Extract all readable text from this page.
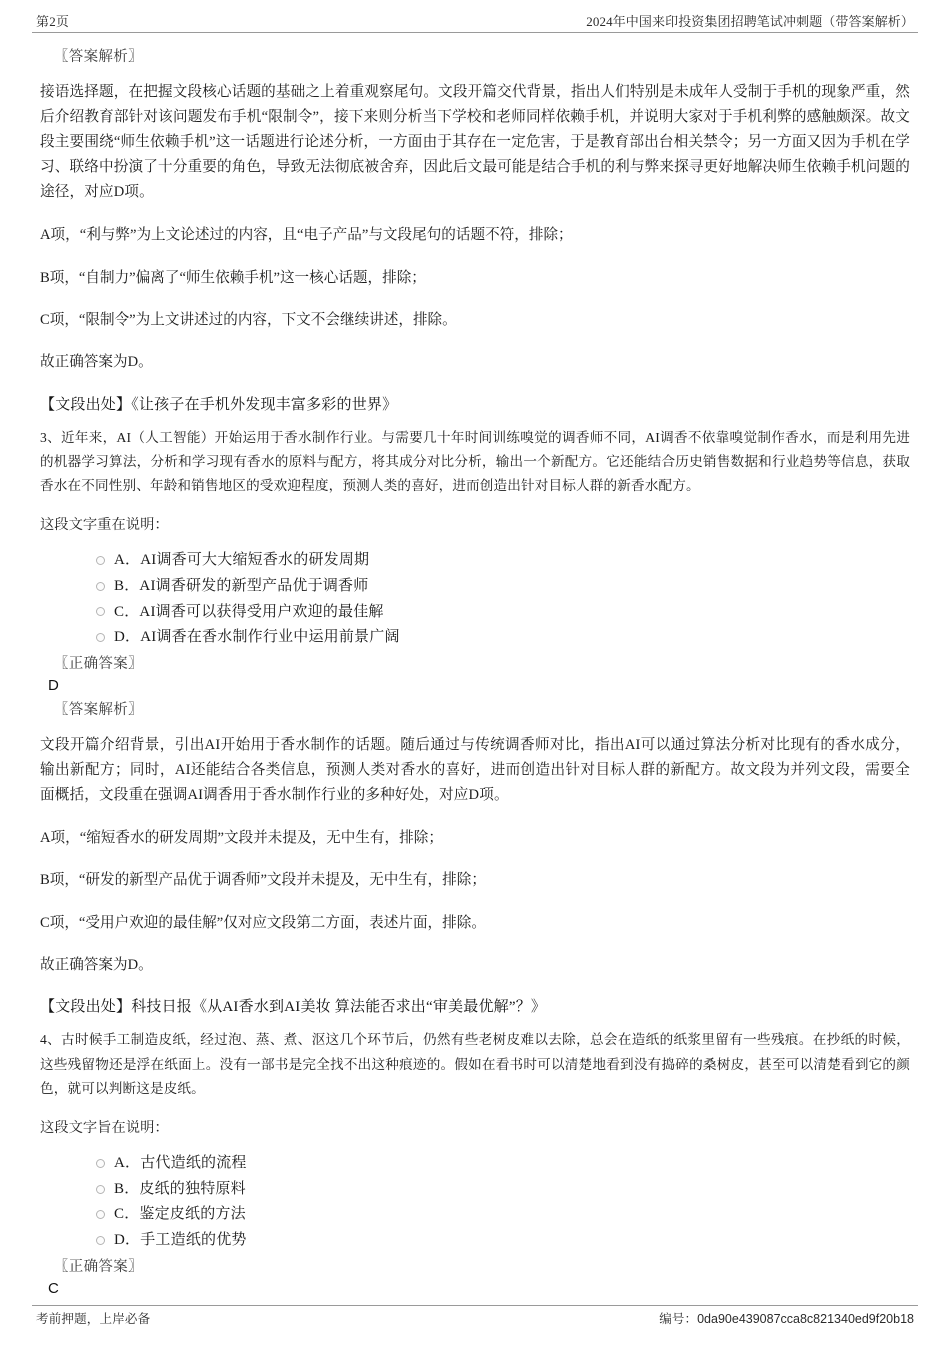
第2页	2024年中国来印投资集团招聘笔试冲刺题（带答案解析）
〖答案解析〗

接语选择题，在把握文段核心话题的基础之上着重观察尾句。文段开篇交代背景，指出人们特别是未成年人受制于手机的现象严重，然后介绍教育部针对该问题发布手机“限制令”，接下来则分析当下学校和老师同样依赖手机，并说明大家对于手机利弊的感触颇深。故文段主要围绕“师生依赖手机”这一话题进行论述分析，一方面由于其存在一定危害，于是教育部出台相关禁令；另一方面又因为手机在学习、联络中扮演了十分重要的角色，导致无法彻底被舍弃，因此后文最可能是结合手机的利与弊来探寻更好地解决师生依赖手机问题的途径，对应D项。

A项，“利与弊”为上文论述过的内容，且“电子产品”与文段尾句的话题不符，排除；

B项，“自制力”偏离了“师生依赖手机”这一核心话题，排除；

C项，“限制令”为上文讲述过的内容，下文不会继续讲述，排除。

故正确答案为D。

【文段出处】《让孩子在手机外发现丰富多彩的世界》

3、近年来，AI（人工智能）开始运用于香水制作行业。与需要几十年时间训练嗅觉的调香师不同，AI调香不依靠嗅觉制作香水，而是利用先进的机器学习算法，分析和学习现有香水的原料与配方，将其成分对比分析，输出一个新配方。它还能结合历史销售数据和行业趋势等信息，获取香水在不同性别、年龄和销售地区的受欢迎程度，预测人类的喜好，进而创造出针对目标人群的新香水配方。

这段文字重在说明：

A．AI调香可大大缩短香水的研发周期
B．AI调香研发的新型产品优于调香师
C．AI调香可以获得受用户欢迎的最佳解
D．AI调香在香水制作行业中运用前景广阔
〖正确答案〗
D
〖答案解析〗

文段开篇介绍背景，引出AI开始用于香水制作的话题。随后通过与传统调香师对比，指出AI可以通过算法分析对比现有的香水成分，输出新配方；同时，AI还能结合各类信息，预测人类对香水的喜好，进而创造出针对目标人群的新配方。故文段为并列文段，需要全面概括，文段重在强调AI调香用于香水制作行业的多种好处，对应D项。

A项，“缩短香水的研发周期”文段并未提及，无中生有，排除；

B项，“研发的新型产品优于调香师”文段并未提及，无中生有，排除；

C项，“受用户欢迎的最佳解”仅对应文段第二方面，表述片面，排除。

故正确答案为D。

【文段出处】科技日报《从AI香水到AI美妆 算法能否求出“审美最优解”？》

4、古时候手工制造皮纸，经过泡、蒸、煮、沤这几个环节后，仍然有些老树皮难以去除，总会在造纸的纸浆里留有一些残痕。在抄纸的时候，这些残留物还是浮在纸面上。没有一部书是完全找不出这种痕迹的。假如在看书时可以清楚地看到没有捣碎的桑树皮，甚至可以清楚看到它的颜色，就可以判断这是皮纸。

这段文字旨在说明：

A．古代造纸的流程
B．皮纸的独特原料
C．鉴定皮纸的方法
D．手工造纸的优势
〖正确答案〗
C
考前押题，上岸必备	编号：0da90e439087cca8c821340ed9f20b18
